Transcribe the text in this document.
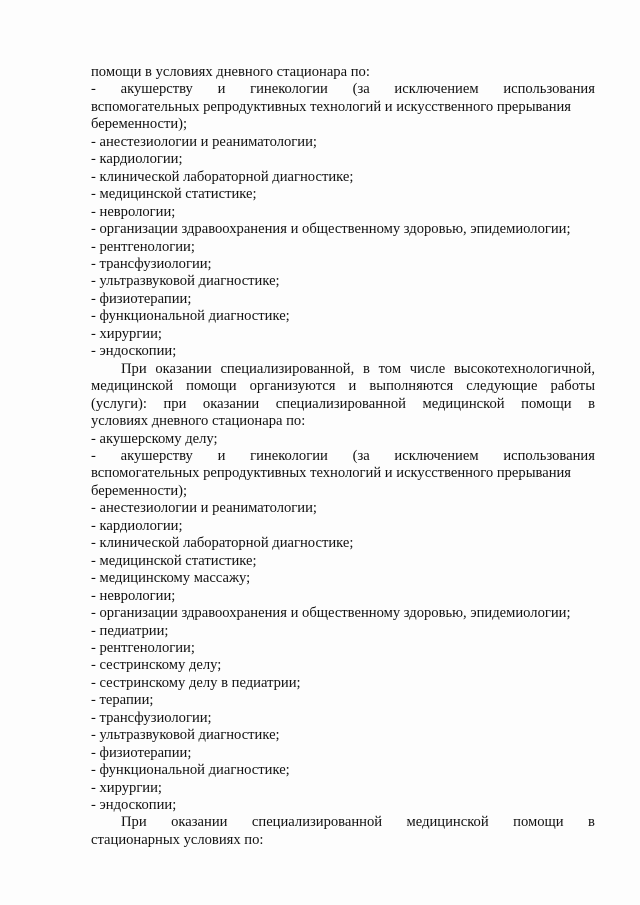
помощи в условиях дневного стационара по:
- акушерству и гинекологии (за исключением использования
вспомогательных репродуктивных технологий и искусственного прерывания
беременности);
- анестезиологии и реаниматологии;
- кардиологии;
- клинической лабораторной диагностике;
- медицинской статистике;
- неврологии;
- организации здравоохранения и общественному здоровью, эпидемиологии;
- рентгенологии;
- трансфузиологии;
- ультразвуковой диагностике;
- физиотерапии;
- функциональной диагностике;
- хирургии;
- эндоскопии;
При оказании специализированной, в том числе высокотехнологичной,
медицинской помощи организуются и выполняются следующие работы
(услуги): при оказании специализированной медицинской помощи в
условиях дневного стационара по:
- акушерскому делу;
- акушерству и гинекологии (за исключением использования
вспомогательных репродуктивных технологий и искусственного прерывания
беременности);
- анестезиологии и реаниматологии;
- кардиологии;
- клинической лабораторной диагностике;
- медицинской статистике;
- медицинскому массажу;
- неврологии;
- организации здравоохранения и общественному здоровью, эпидемиологии;
- педиатрии;
- рентгенологии;
- сестринскому делу;
- сестринскому делу в педиатрии;
- терапии;
- трансфузиологии;
- ультразвуковой диагностике;
- физиотерапии;
- функциональной диагностике;
- хирургии;
- эндоскопии;
При оказании специализированной медицинской помощи в
стационарных условиях по:
